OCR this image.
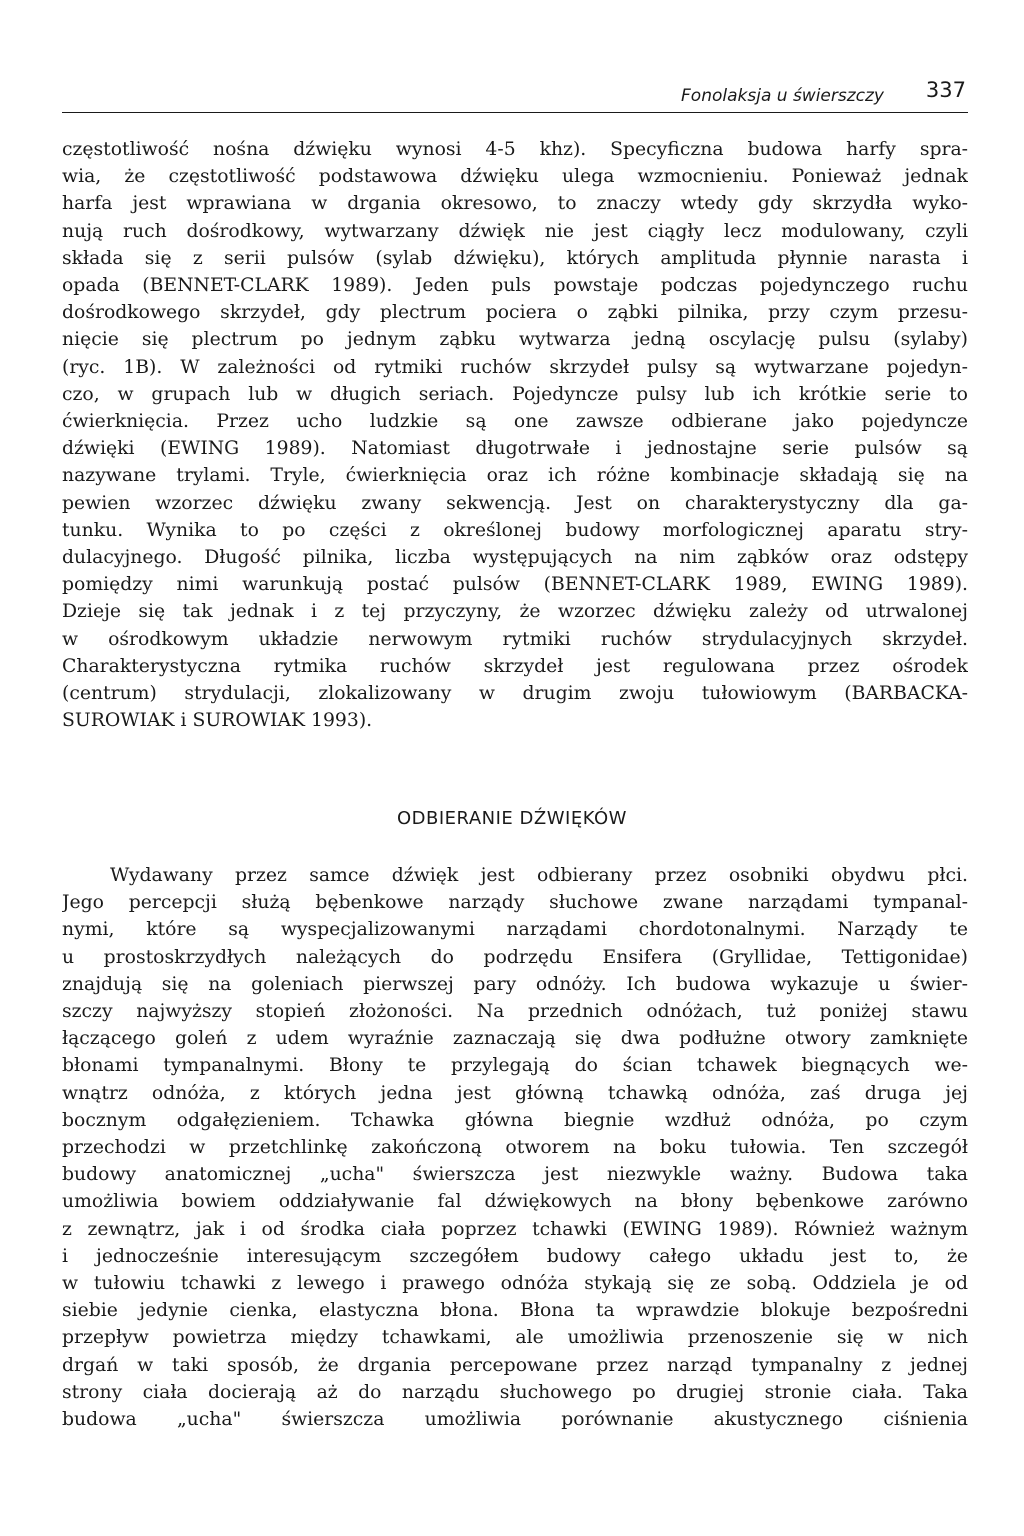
Fonolaksja u świerszczy 337
częstotliwość nośna dźwięku wynosi 4-5 khz). Specyficzna budowa harfy spra-
wia, że częstotliwość podstawowa dźwięku ulega wzmocnieniu. Ponieważ jednak
harfa jest wprawiana w drgania okresowo, to znaczy wtedy gdy skrzydła wyko-
nują ruch dośrodkowy, wytwarzany dźwięk nie jest ciągły lecz modulowany, czyli
składa się z serii pulsów (sylab dźwięku), których amplituda płynnie narasta i
opada (BENNET-CLARK 1989). Jeden puls powstaje podczas pojedynczego ruchu
dośrodkowego skrzydeł, gdy plectrum pociera o ząbki pilnika, przy czym przesu-
nięcie się plectrum po jednym ząbku wytwarza jedną oscylację pulsu (sylaby)
(ryc. 1B). W zależności od rytmiki ruchów skrzydeł pulsy są wytwarzane pojedyn-
czo, w grupach lub w długich seriach. Pojedyncze pulsy lub ich krótkie serie to
ćwierknięcia. Przez ucho ludzkie są one zawsze odbierane jako pojedyncze
dźwięki (EWING 1989). Natomiast długotrwałe i jednostajne serie pulsów są
nazywane trylami. Tryle, ćwierknięcia oraz ich różne kombinacje składają się na
pewien wzorzec dźwięku zwany sekwencją. Jest on charakterystyczny dla ga-
tunku. Wynika to po części z określonej budowy morfologicznej aparatu stry-
dulacyjnego. Długość pilnika, liczba występujących na nim ząbków oraz odstępy
pomiędzy nimi warunkują postać pulsów (BENNET-CLARK 1989, EWING 1989).
Dzieje się tak jednak i z tej przyczyny, że wzorzec dźwięku zależy od utrwalonej
w ośrodkowym układzie nerwowym rytmiki ruchów strydulacyjnych skrzydeł.
Charakterystyczna rytmika ruchów skrzydeł jest regulowana przez ośrodek
(centrum) strydulacji, zlokalizowany w drugim zwoju tułowiowym (BARBACKA-
SUROWIAK i SUROWIAK 1993).
ODBIERANIE DŹWIĘKÓW
Wydawany przez samce dźwięk jest odbierany przez osobniki obydwu płci.
Jego percepcji służą bębenkowe narządy słuchowe zwane narządami tympanal-
nymi, które są wyspecjalizowanymi narządami chordotonalnymi. Narządy te
u prostoskrzydłych należących do podrzędu Ensifera (Gryllidae, Tettigonidae)
znajdują się na goleniach pierwszej pary odnóży. Ich budowa wykazuje u świer-
szczy najwyższy stopień złożoności. Na przednich odnóżach, tuż poniżej stawu
łączącego goleń z udem wyraźnie zaznaczają się dwa podłużne otwory zamknięte
błonami tympanalnymi. Błony te przylegają do ścian tchawek biegnących we-
wnątrz odnóża, z których jedna jest główną tchawką odnóża, zaś druga jej
bocznym odgałęzieniem. Tchawka główna biegnie wzdłuż odnóża, po czym
przechodzi w przetchlinkę zakończoną otworem na boku tułowia. Ten szczegół
budowy anatomicznej „ucha" świerszcza jest niezwykle ważny. Budowa taka
umożliwia bowiem oddziaływanie fal dźwiękowych na błony bębenkowe zarówno
z zewnątrz, jak i od środka ciała poprzez tchawki (EWING 1989). Również ważnym
i jednocześnie interesującym szczegółem budowy całego układu jest to, że
w tułowiu tchawki z lewego i prawego odnóża stykają się ze sobą. Oddziela je od
siebie jedynie cienka, elastyczna błona. Błona ta wprawdzie blokuje bezpośredni
przepływ powietrza między tchawkami, ale umożliwia przenoszenie się w nich
drgań w taki sposób, że drgania percepowane przez narząd tympanalny z jednej
strony ciała docierają aż do narządu słuchowego po drugiej stronie ciała. Taka
budowa „ucha" świerszcza umożliwia porównanie akustycznego ciśnienia
